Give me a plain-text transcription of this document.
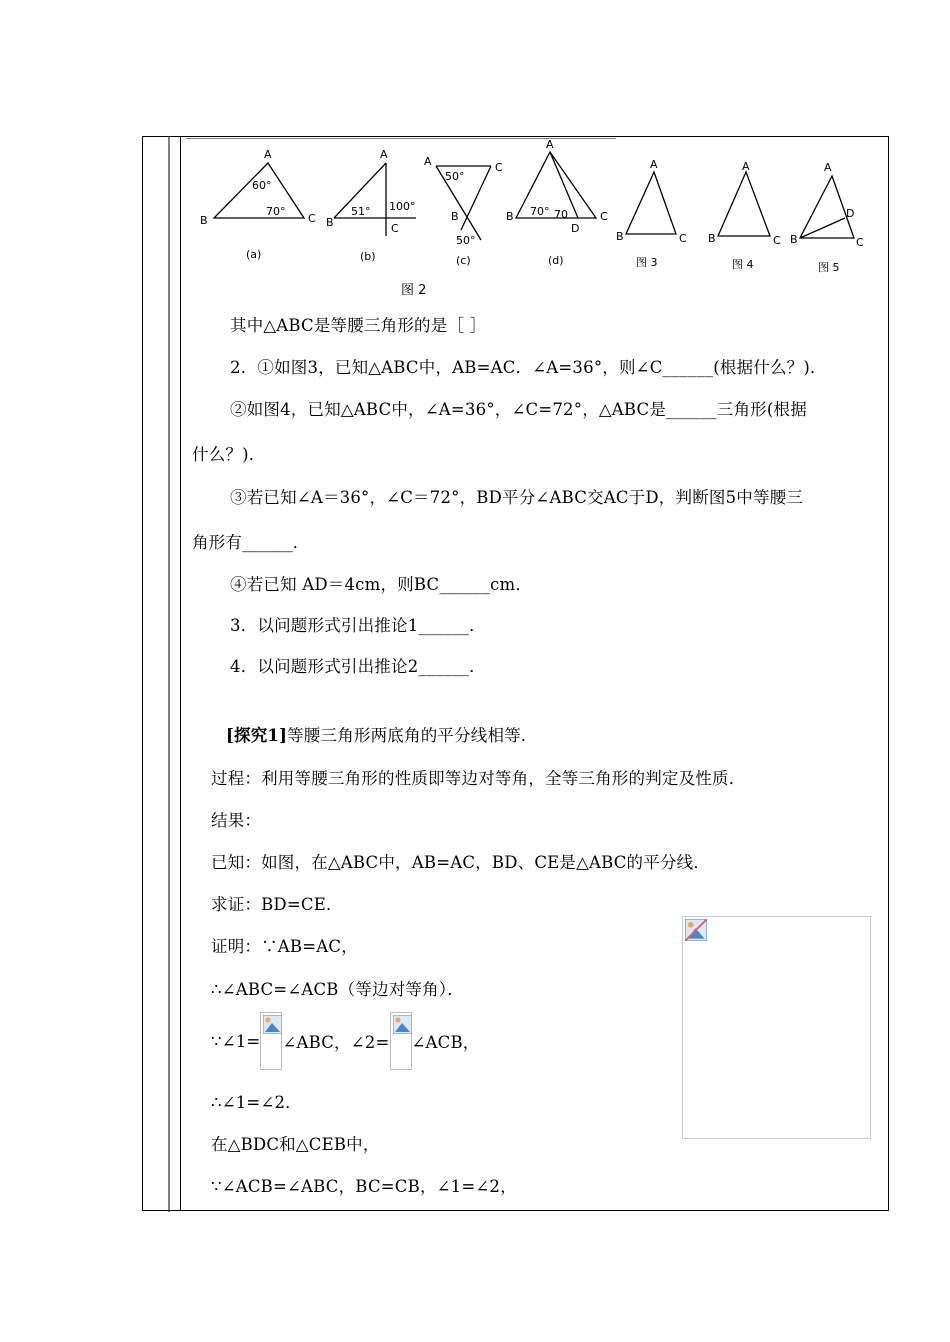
A
B	C
60°
70°
(a)
A
B	C
51° 100°
(b)
A	C
B
50°
50°
(c)
A
B
D
C
70° 70
(d)
A
B	C
图 3
A
B	C
图 4
A
D
B	C
图 5
图 2
其中△ABC是等腰三角形的是［ ］
2．①如图3，已知△ABC中，AB=AC．∠A=36°，则∠C______(根据什么？)．
②如图4，已知△ABC中，∠A=36°，∠C=72°，△ABC是______三角形(根据
什么？)．
③若已知∠A＝36°，∠C＝72°，BD平分∠ABC交AC于D，判断图5中等腰三
角形有______．
④若已知 AD＝4cm，则BC______cm．
3．以问题形式引出推论1______．
4．以问题形式引出推论2______．
[探究1]等腰三角形两底角的平分线相等．
过程：利用等腰三角形的性质即等边对等角，全等三角形的判定及性质．
结果：
已知：如图，在△ABC中，AB=AC，BD、CE是△ABC的平分线．
求证：BD=CE．
证明：∵AB=AC，
∴∠ABC=∠ACB（等边对等角）．
∵∠1= ∠ABC，∠2= ∠ACB，
∴∠1=∠2．
在△BDC和△CEB中，
∵∠ACB=∠ABC，BC=CB，∠1=∠2，
